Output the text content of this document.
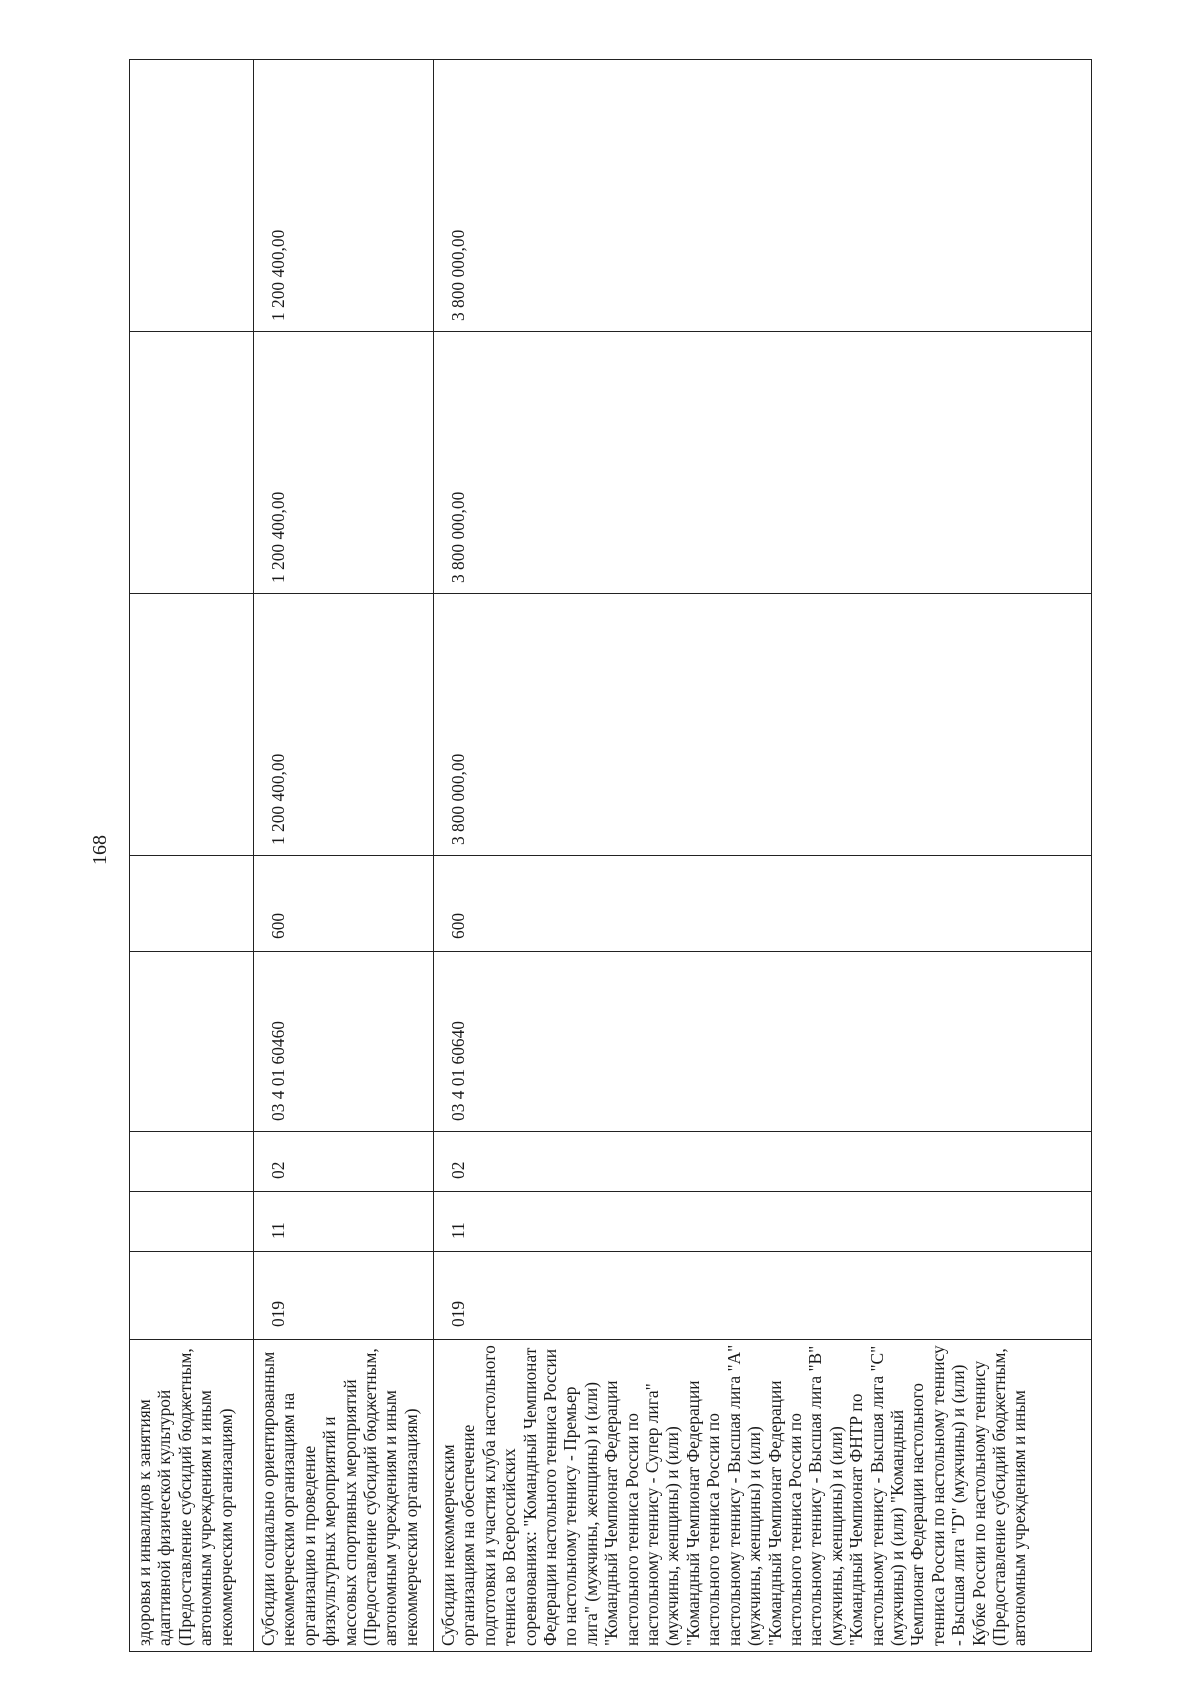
168
здоровья и инвалидов к занятиям адаптивной физической культурой (Предоставление субсидий бюджетным, автономным учреждениям и иным некоммерческим организациям)								
Субсидии социально ориентированным некоммерческим организациям на организацию и проведение физкультурных мероприятий и массовых спортивных мероприятий (Предоставление субсидий бюджетным, автономным учреждениям и иным некоммерческим организациям)	019	11	02	03 4 01 60460	600	1 200 400,00	1 200 400,00	1 200 400,00
Субсидии некоммерческим организациям на обеспечение подготовки и участия клуба настольного тенниса во Всероссийских соревнованиях: "Командный Чемпионат Федерации настольного тенниса России по настольному теннису - Премьер лига" (мужчины, женщины) и (или) "Командный Чемпионат Федерации настольного тенниса России по настольному теннису - Супер лига" (мужчины, женщины) и (или) "Командный Чемпионат Федерации настольного тенниса России по настольному теннису - Высшая лига "А" (мужчины, женщины) и (или) "Командный Чемпионат Федерации настольного тенниса России по настольному теннису - Высшая лига "В" (мужчины, женщины) и (или) "Командный Чемпионат ФНТР по настольному теннису - Высшая лига "С" (мужчины) и (или) "Командный Чемпионат Федерации настольного тенниса России по настольному теннису - Высшая лига "D" (мужчины) и (или) Кубке России по настольному теннису (Предоставление субсидий бюджетным, автономным учреждениям и иным	019	11	02	03 4 01 60640	600	3 800 000,00	3 800 000,00	3 800 000,00
